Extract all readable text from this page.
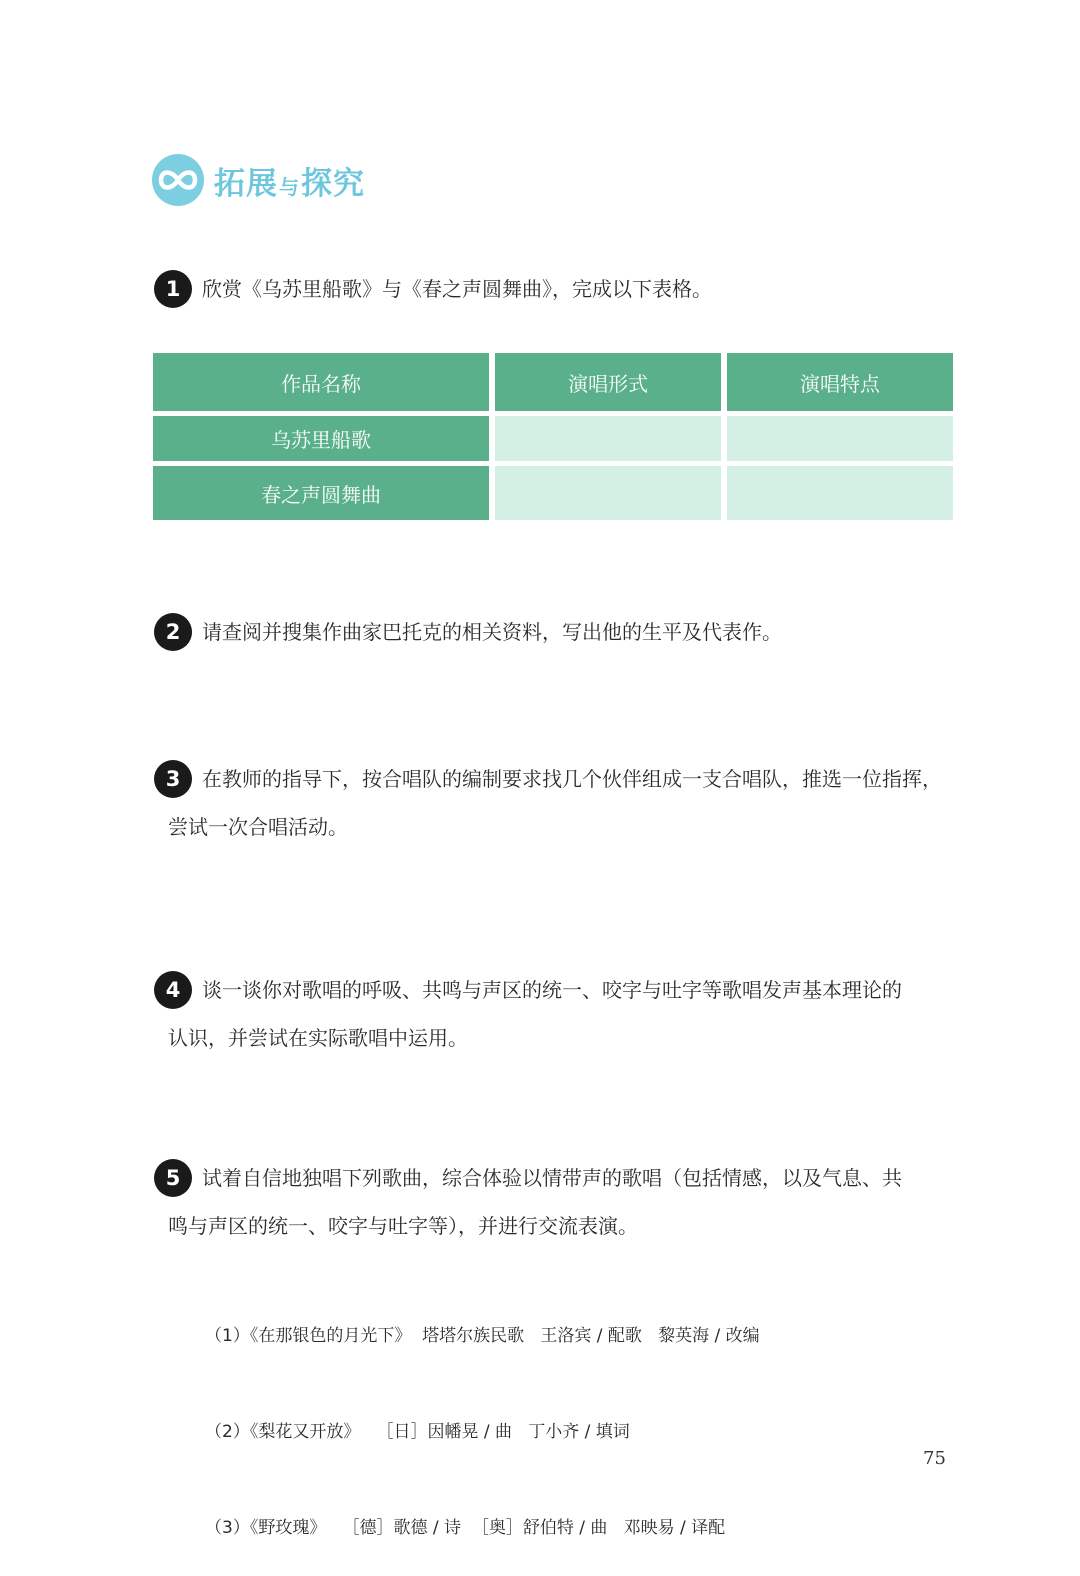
拓展与探究
1 欣赏《乌苏里船歌》与《春之声圆舞曲》，完成以下表格。
作品名称	演唱形式	演唱特点
乌苏里船歌		
春之声圆舞曲		
2 请查阅并搜集作曲家巴托克的相关资料，写出他的生平及代表作。
3 在教师的指导下，按合唱队的编制要求找几个伙伴组成一支合唱队，推选一位指挥，
尝试一次合唱活动。
4 谈一谈你对歌唱的呼吸、共鸣与声区的统一、咬字与吐字等歌唱发声基本理论的
认识，并尝试在实际歌唱中运用。
5 试着自信地独唱下列歌曲，综合体验以情带声的歌唱（包括情感，以及气息、共
鸣与声区的统一、咬字与吐字等），并进行交流表演。

（1）《在那银色的月光下》  塔塔尔族民歌   王洛宾 / 配歌   黎英海 / 改编

（2）《梨花又开放》   ［日］因幡晃 / 曲   丁小齐 / 填词

（3）《野玫瑰》   ［德］歌德 / 诗  ［奥］舒伯特 / 曲   邓映易 / 译配

75
